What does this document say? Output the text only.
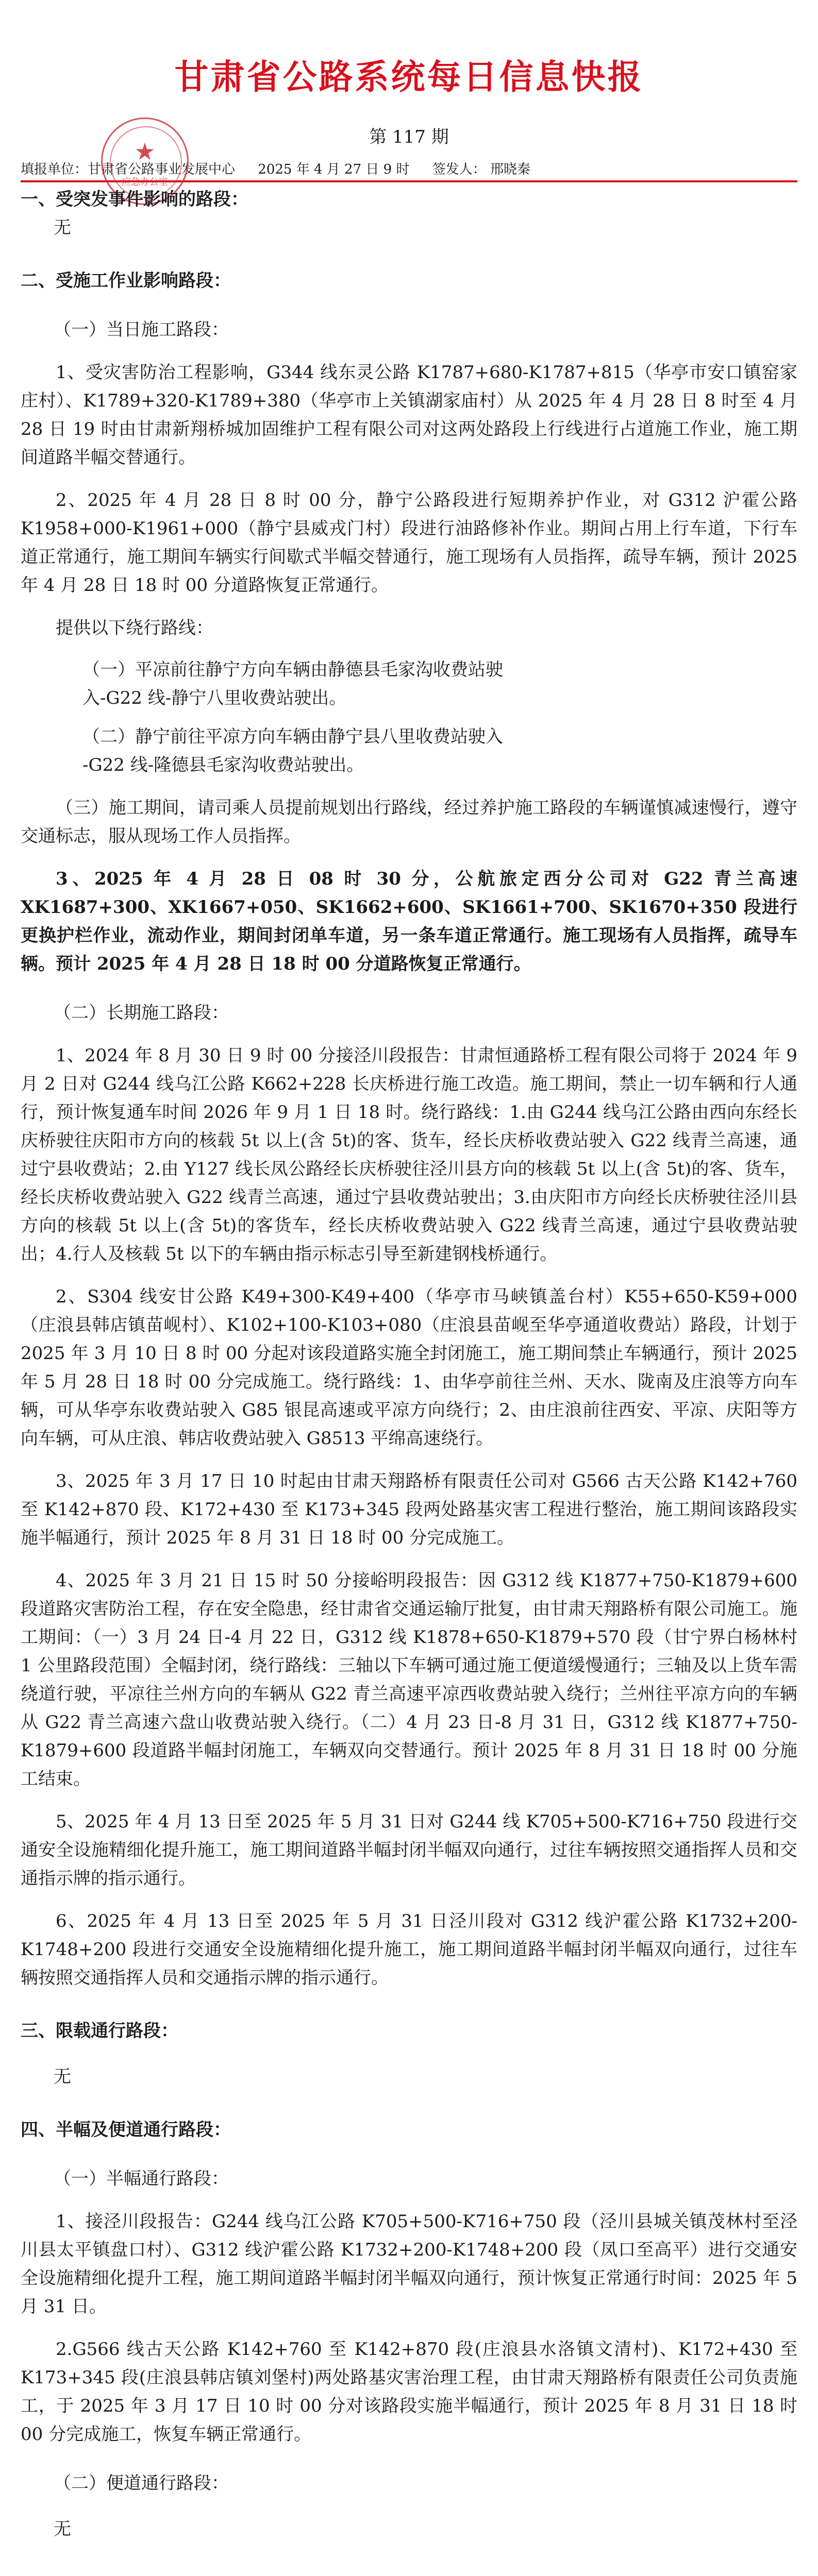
甘肃省公路系统每日信息快报
第 117 期
填报单位：甘肃省公路事业发展中心 2025 年 4 月 27 日 9 时 签发人： 邢晓秦
★
应急办公室

一、受突发事件影响的路段：

无

二、受施工作业影响路段：

（一）当日施工路段：

1、受灾害防治工程影响，G344 线东灵公路 K1787+680-K1787+815（华亭市安口镇窑家庄村）、K1789+320-K1789+380（华亭市上关镇湖家庙村）从 2025 年 4 月 28 日 8 时至 4 月 28 日 19 时由甘肃新翔桥城加固维护工程有限公司对这两处路段上行线进行占道施工作业，施工期间道路半幅交替通行。

2、2025 年 4 月 28 日 8 时 00 分，静宁公路段进行短期养护作业，对 G312 沪霍公路 K1958+000-K1961+000（静宁县威戎门村）段进行油路修补作业。期间占用上行车道，下行车道正常通行，施工期间车辆实行间歇式半幅交替通行，施工现场有人员指挥，疏导车辆，预计 2025 年 4 月 28 日 18 时 00 分道路恢复正常通行。

提供以下绕行路线：

（一）平凉前往静宁方向车辆由静德县毛家沟收费站驶

入-G22 线-静宁八里收费站驶出。

（二）静宁前往平凉方向车辆由静宁县八里收费站驶入

-G22 线-隆德县毛家沟收费站驶出。

（三）施工期间，请司乘人员提前规划出行路线，经过养护施工路段的车辆谨慎减速慢行，遵守交通标志，服从现场工作人员指挥。

3、2025 年 4 月 28 日 08 时 30 分，公航旅定西分公司对 G22 青兰高速 XK1687+300、XK1667+050、SK1662+600、SK1661+700、SK1670+350 段进行更换护栏作业，流动作业，期间封闭单车道，另一条车道正常通行。施工现场有人员指挥，疏导车辆。预计 2025 年 4 月 28 日 18 时 00 分道路恢复正常通行。

（二）长期施工路段：

1、2024 年 8 月 30 日 9 时 00 分接泾川段报告：甘肃恒通路桥工程有限公司将于 2024 年 9 月 2 日对 G244 线乌江公路 K662+228 长庆桥进行施工改造。施工期间，禁止一切车辆和行人通行，预计恢复通车时间 2026 年 9 月 1 日 18 时。绕行路线：1.由 G244 线乌江公路由西向东经长庆桥驶往庆阳市方向的核载 5t 以上(含 5t)的客、货车，经长庆桥收费站驶入 G22 线青兰高速，通过宁县收费站；2.由 Y127 线长凤公路经长庆桥驶往泾川县方向的核载 5t 以上(含 5t)的客、货车，经长庆桥收费站驶入 G22 线青兰高速，通过宁县收费站驶出；3.由庆阳市方向经长庆桥驶往泾川县方向的核载 5t 以上(含 5t)的客货车，经长庆桥收费站驶入 G22 线青兰高速，通过宁县收费站驶出；4.行人及核载 5t 以下的车辆由指示标志引导至新建钢栈桥通行。

2、S304 线安甘公路 K49+300-K49+400（华亭市马峡镇盖台村）K55+650-K59+000（庄浪县韩店镇苗岘村）、K102+100-K103+080（庄浪县苗岘至华亭通道收费站）路段，计划于 2025 年 3 月 10 日 8 时 00 分起对该段道路实施全封闭施工，施工期间禁止车辆通行，预计 2025 年 5 月 28 日 18 时 00 分完成施工。绕行路线：1、由华亭前往兰州、天水、陇南及庄浪等方向车辆，可从华亭东收费站驶入 G85 银昆高速或平凉方向绕行；2、由庄浪前往西安、平凉、庆阳等方向车辆，可从庄浪、韩店收费站驶入 G8513 平绵高速绕行。

3、2025 年 3 月 17 日 10 时起由甘肃天翔路桥有限责任公司对 G566 古天公路 K142+760 至 K142+870 段、K172+430 至 K173+345 段两处路基灾害工程进行整治，施工期间该路段实施半幅通行，预计 2025 年 8 月 31 日 18 时 00 分完成施工。

4、2025 年 3 月 21 日 15 时 50 分接峪明段报告：因 G312 线 K1877+750-K1879+600 段道路灾害防治工程，存在安全隐患，经甘肃省交通运输厅批复，由甘肃天翔路桥有限公司施工。施工期间：（一）3 月 24 日-4 月 22 日，G312 线 K1878+650-K1879+570 段（甘宁界白杨林村 1 公里路段范围）全幅封闭，绕行路线：三轴以下车辆可通过施工便道缓慢通行；三轴及以上货车需绕道行驶，平凉往兰州方向的车辆从 G22 青兰高速平凉西收费站驶入绕行；兰州往平凉方向的车辆从 G22 青兰高速六盘山收费站驶入绕行。（二）4 月 23 日-8 月 31 日，G312 线 K1877+750-K1879+600 段道路半幅封闭施工，车辆双向交替通行。预计 2025 年 8 月 31 日 18 时 00 分施工结束。

5、2025 年 4 月 13 日至 2025 年 5 月 31 日对 G244 线 K705+500-K716+750 段进行交通安全设施精细化提升施工，施工期间道路半幅封闭半幅双向通行，过往车辆按照交通指挥人员和交通指示牌的指示通行。

6、2025 年 4 月 13 日至 2025 年 5 月 31 日泾川段对 G312 线沪霍公路 K1732+200-K1748+200 段进行交通安全设施精细化提升施工，施工期间道路半幅封闭半幅双向通行，过往车辆按照交通指挥人员和交通指示牌的指示通行。

三、限载通行路段：

无

四、半幅及便道通行路段：

（一）半幅通行路段：

1、接泾川段报告：G244 线乌江公路 K705+500-K716+750 段（泾川县城关镇茂林村至泾川县太平镇盘口村）、G312 线沪霍公路 K1732+200-K1748+200 段（凤口至高平）进行交通安全设施精细化提升工程，施工期间道路半幅封闭半幅双向通行，预计恢复正常通行时间：2025 年 5 月 31 日。

2.G566 线古天公路 K142+760 至 K142+870 段(庄浪县水洛镇文清村)、K172+430 至 K173+345 段(庄浪县韩店镇刘堡村)两处路基灾害治理工程，由甘肃天翔路桥有限责任公司负责施工，于 2025 年 3 月 17 日 10 时 00 分对该路段实施半幅通行，预计 2025 年 8 月 31 日 18 时 00 分完成施工，恢复车辆正常通行。

（二）便道通行路段：

无
